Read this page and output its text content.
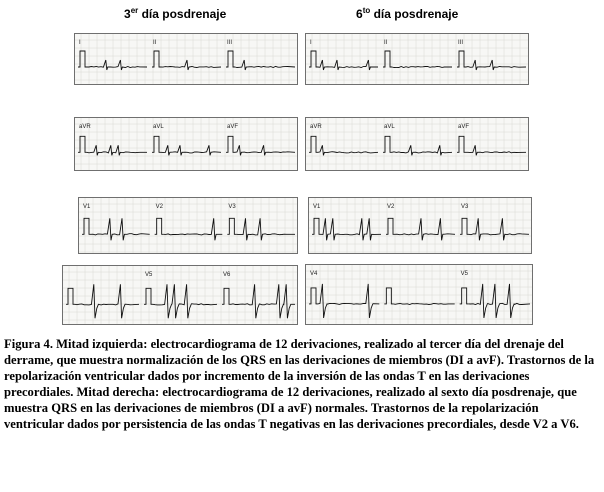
3er día posdrenaje	$6^{to}$ día posdrenaje
I	II	III	I	II	III
aVR	aVL	aVF	aVR	aVL	aVF
V1	V2	V3	V1	V2	V3
V5	V6	V4	V5
Figura 4. Mitad izquierda: electrocardiograma de 12 derivaciones, realizado al tercer día del drenaje del derrame, que muestra normalización de los QRS en las derivaciones de miembros (DI a avF). Trastornos de la repolarización ventricular dados por incremento de la inversión de las ondas T en las derivaciones precordiales. Mitad derecha: electrocardiograma de 12 derivaciones, realizado al sexto día posdrenaje, que muestra QRS en las derivaciones de miembros (DI a avF) normales. Trastornos de la repolarización ventricular dados por persistencia de las ondas T negativas en las derivaciones precordiales, desde V2 a V6.
